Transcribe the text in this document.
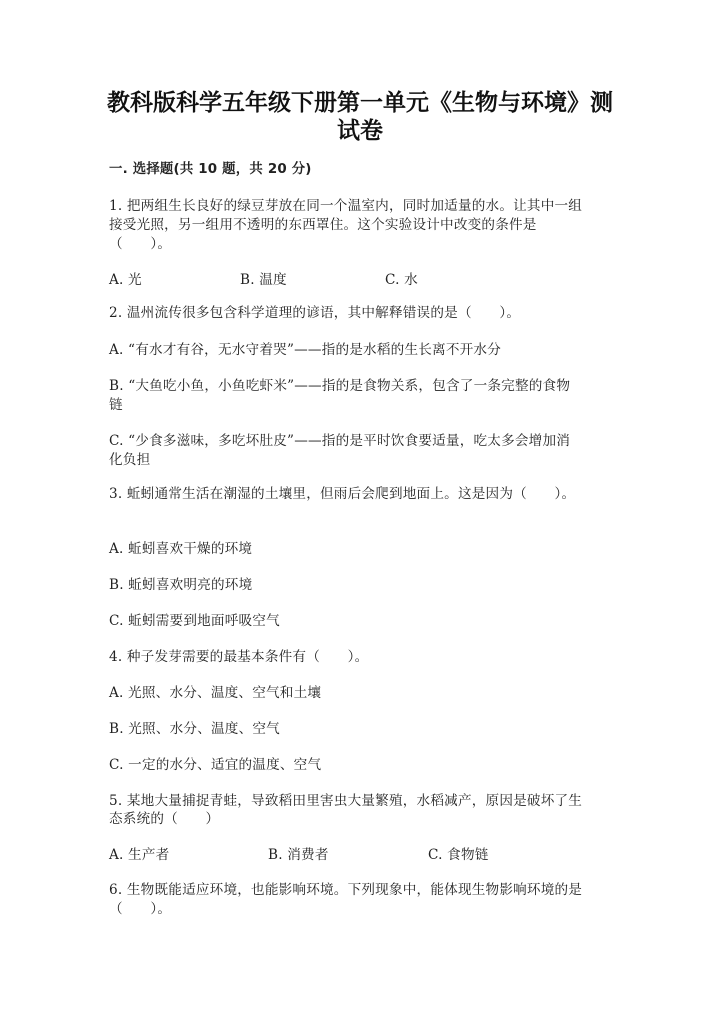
教科版科学五年级下册第一单元《生物与环境》测
试卷
一. 选择题(共 10 题，共 20 分)
1. 把两组生长良好的绿豆芽放在同一个温室内，同时加适量的水。让其中一组
接受光照，另一组用不透明的东西罩住。这个实验设计中改变的条件是
（　　）。
A. 光	B. 温度	C. 水
2. 温州流传很多包含科学道理的谚语，其中解释错误的是（　　）。
A. “有水才有谷，无水守着哭”——指的是水稻的生长离不开水分
B. “大鱼吃小鱼，小鱼吃虾米”——指的是食物关系，包含了一条完整的食物
链
C. “少食多滋味，多吃坏肚皮”——指的是平时饮食要适量，吃太多会增加消
化负担
3. 蚯蚓通常生活在潮湿的土壤里，但雨后会爬到地面上。这是因为（　　）。
A. 蚯蚓喜欢干燥的环境
B. 蚯蚓喜欢明亮的环境
C. 蚯蚓需要到地面呼吸空气
4. 种子发芽需要的最基本条件有（　　）。
A. 光照、水分、温度、空气和土壤
B. 光照、水分、温度、空气
C. 一定的水分、适宜的温度、空气
5. 某地大量捕捉青蛙，导致稻田里害虫大量繁殖，水稻减产，原因是破坏了生
态系统的（　　）
A. 生产者	B. 消费者	C. 食物链
6. 生物既能适应环境，也能影响环境。下列现象中，能体现生物影响环境的是
（　　）。
